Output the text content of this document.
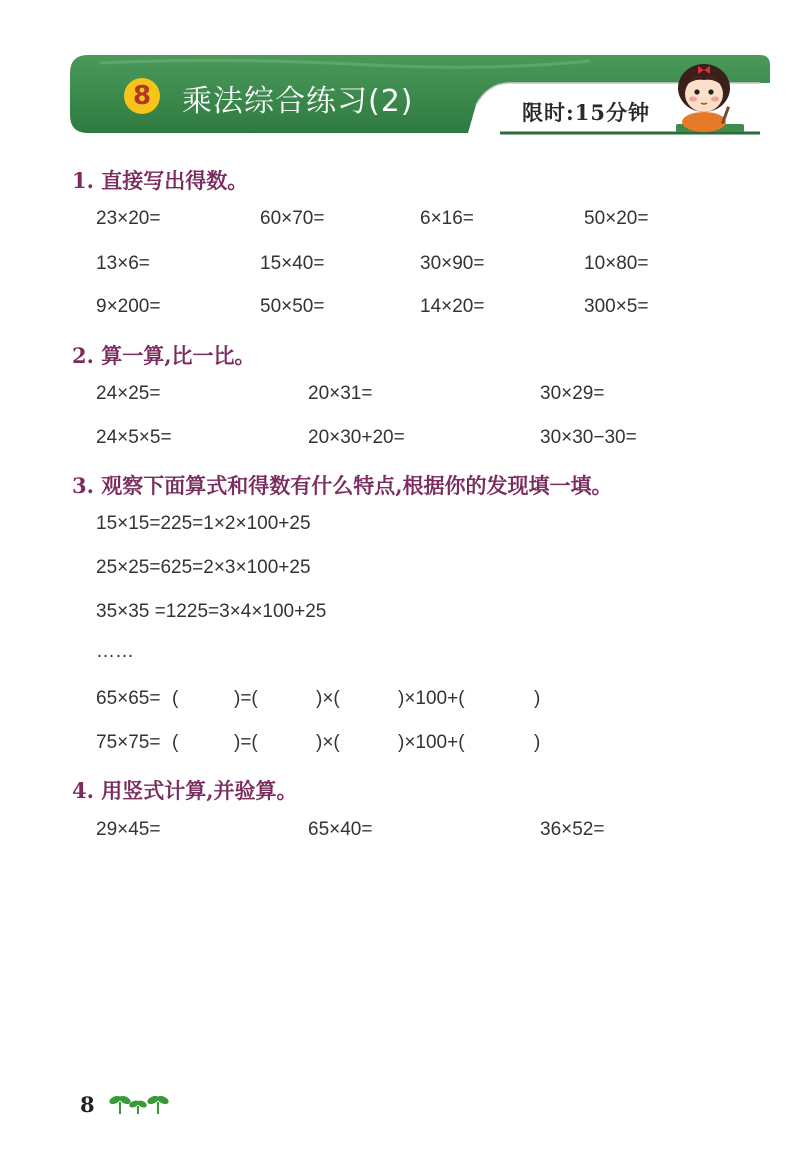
8 乘法综合练习(2)	限时:15分钟
1. 直接写出得数。
23×20=	60×70=	6×16=	50×20=
13×6=	15×40=	30×90=	10×80=
9×200=	50×50=	14×20=	300×5=
2. 算一算,比一比。
24×25=	20×31=	30×29=
24×5×5=	20×30+20=	30×30−30=
3. 观察下面算式和得数有什么特点,根据你的发现填一填。
15×15=225=1×2×100+25
25×25=625=2×3×100+25
35×35 =1225=3×4×100+25
……
65×65= (	)=(	)×(	)×100+(	)
75×75= (	)=(	)×(	)×100+(	)
4. 用竖式计算,并验算。
29×45=	65×40=	36×52=
8
